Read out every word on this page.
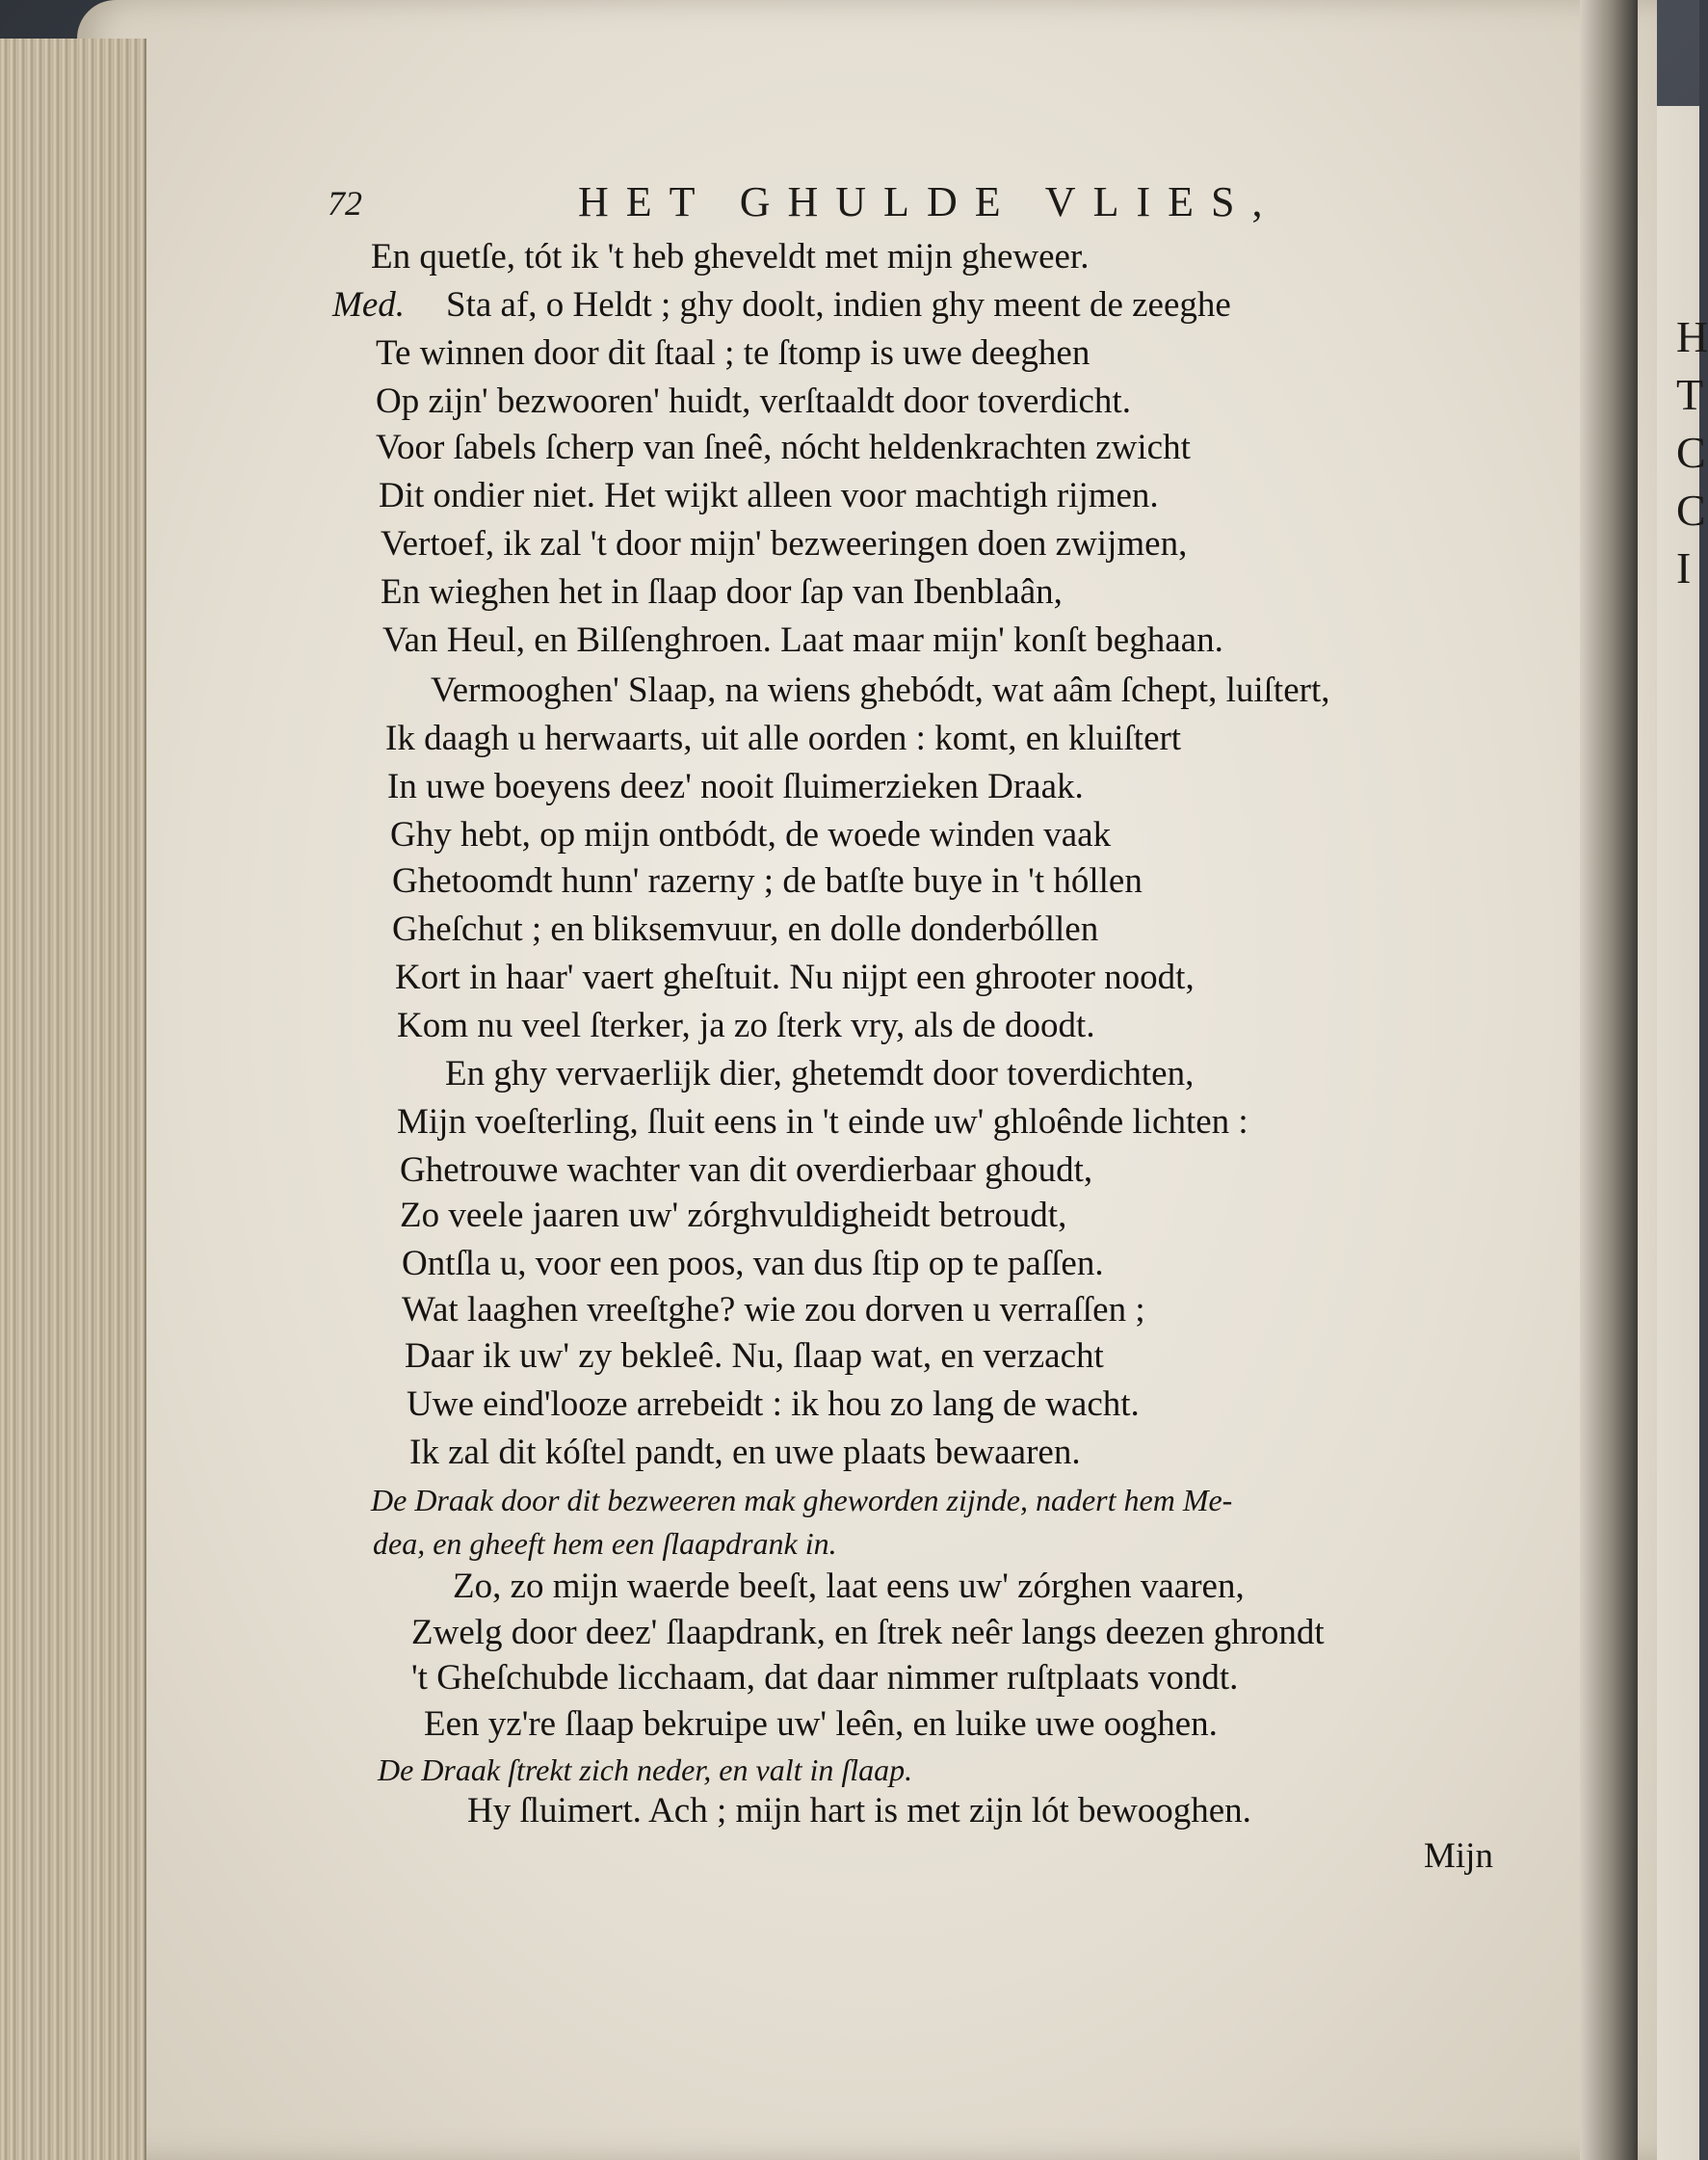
H
T
C
C
I
72	HET GHULDE VLIES,
En quetſe, tót ik 't heb gheveldt met mijn gheweer.
Med. Sta af, o Heldt ; ghy doolt, indien ghy meent de zeeghe
Te winnen door dit ſtaal ; te ſtomp is uwe deeghen
Op zijn' bezwooren' huidt, verſtaaldt door toverdicht.
Voor ſabels ſcherp van ſneê, nócht heldenkrachten zwicht
Dit ondier niet. Het wijkt alleen voor machtigh rijmen.
Vertoef, ik zal 't door mijn' bezweeringen doen zwijmen,
En wieghen het in ſlaap door ſap van Ibenblaân,
Van Heul, en Bilſenghroen. Laat maar mijn' konſt beghaan.
Vermooghen' Slaap, na wiens ghebódt, wat aâm ſchept, luiſtert,
Ik daagh u herwaarts, uit alle oorden : komt, en kluiſtert
In uwe boeyens deez' nooit ſluimerzieken Draak.
Ghy hebt, op mijn ontbódt, de woede winden vaak
Ghetoomdt hunn' razerny ; de batſte buye in 't hóllen
Gheſchut ; en bliksemvuur, en dolle donderbóllen
Kort in haar' vaert gheſtuit. Nu nijpt een ghrooter noodt,
Kom nu veel ſterker, ja zo ſterk vry, als de doodt.
En ghy vervaerlijk dier, ghetemdt door toverdichten,
Mijn voeſterling, ſluit eens in 't einde uw' ghloênde lichten :
Ghetrouwe wachter van dit overdierbaar ghoudt,
Zo veele jaaren uw' zórghvuldigheidt betroudt,
Ontſla u, voor een poos, van dus ſtip op te paſſen.
Wat laaghen vreeſtghe? wie zou dorven u verraſſen ;
Daar ik uw' zy bekleê. Nu, ſlaap wat, en verzacht
Uwe eind'looze arrebeidt : ik hou zo lang de wacht.
Ik zal dit kóſtel pandt, en uwe plaats bewaaren.
De Draak door dit bezweeren mak gheworden zijnde, nadert hem Me-
dea, en gheeft hem een ſlaapdrank in.
Zo, zo mijn waerde beeſt, laat eens uw' zórghen vaaren,
Zwelg door deez' ſlaapdrank, en ſtrek neêr langs deezen ghrondt
't Gheſchubde licchaam, dat daar nimmer ruſtplaats vondt.
Een yz're ſlaap bekruipe uw' leên, en luike uwe ooghen.
De Draak ſtrekt zich neder, en valt in ſlaap.
Hy ſluimert. Ach ; mijn hart is met zijn lót bewooghen.
Mijn
